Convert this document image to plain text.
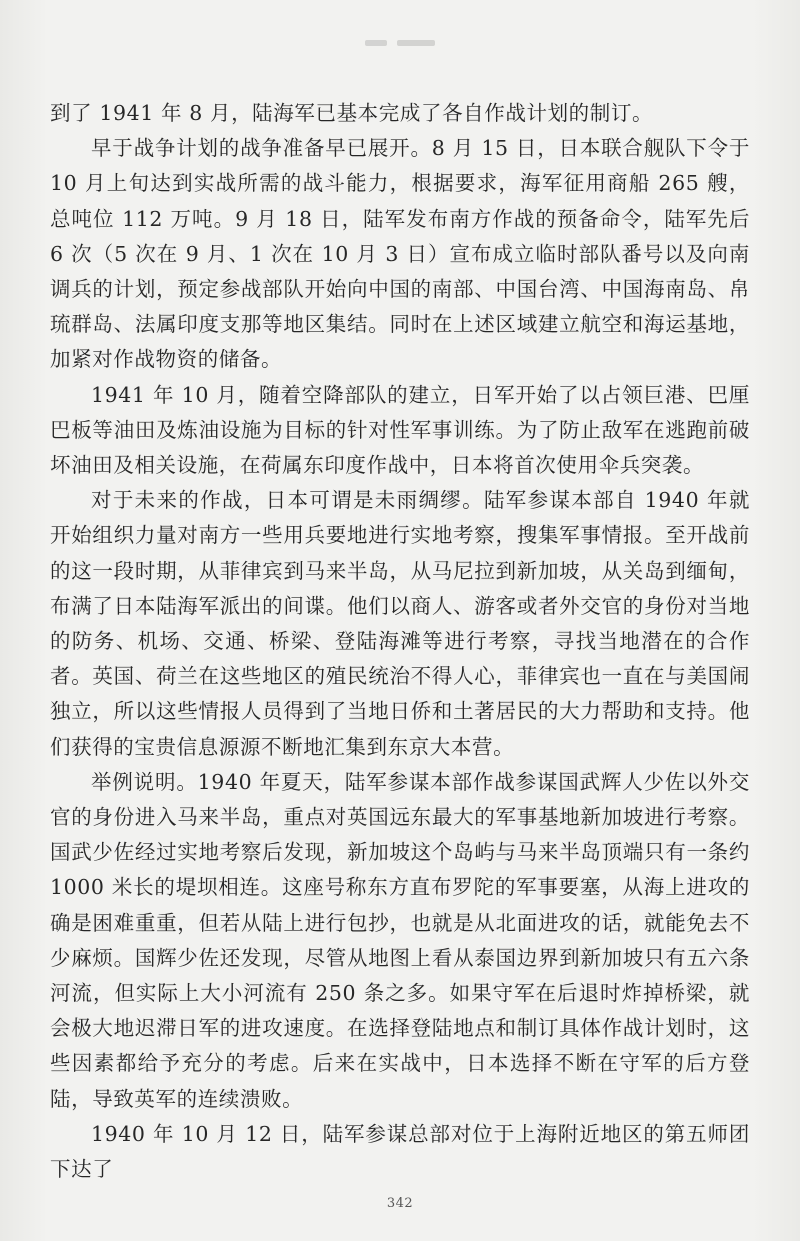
到了 1941 年 8 月，陆海军已基本完成了各自作战计划的制订。

早于战争计划的战争准备早已展开。8 月 15 日，日本联合舰队下令于 10 月上旬达到实战所需的战斗能力，根据要求，海军征用商船 265 艘，总吨位 112 万吨。9 月 18 日，陆军发布南方作战的预备命令，陆军先后 6 次（5 次在 9 月、1 次在 10 月 3 日）宣布成立临时部队番号以及向南调兵的计划，预定参战部队开始向中国的南部、中国台湾、中国海南岛、帛琉群岛、法属印度支那等地区集结。同时在上述区域建立航空和海运基地，加紧对作战物资的储备。

1941 年 10 月，随着空降部队的建立，日军开始了以占领巨港、巴厘巴板等油田及炼油设施为目标的针对性军事训练。为了防止敌军在逃跑前破坏油田及相关设施，在荷属东印度作战中，日本将首次使用伞兵突袭。

对于未来的作战，日本可谓是未雨绸缪。陆军参谋本部自 1940 年就开始组织力量对南方一些用兵要地进行实地考察，搜集军事情报。至开战前的这一段时期，从菲律宾到马来半岛，从马尼拉到新加坡，从关岛到缅甸，布满了日本陆海军派出的间谍。他们以商人、游客或者外交官的身份对当地的防务、机场、交通、桥梁、登陆海滩等进行考察，寻找当地潜在的合作者。英国、荷兰在这些地区的殖民统治不得人心，菲律宾也一直在与美国闹独立，所以这些情报人员得到了当地日侨和土著居民的大力帮助和支持。他们获得的宝贵信息源源不断地汇集到东京大本营。

举例说明。1940 年夏天，陆军参谋本部作战参谋国武辉人少佐以外交官的身份进入马来半岛，重点对英国远东最大的军事基地新加坡进行考察。国武少佐经过实地考察后发现，新加坡这个岛屿与马来半岛顶端只有一条约 1000 米长的堤坝相连。这座号称东方直布罗陀的军事要塞，从海上进攻的确是困难重重，但若从陆上进行包抄，也就是从北面进攻的话，就能免去不少麻烦。国辉少佐还发现，尽管从地图上看从泰国边界到新加坡只有五六条河流，但实际上大小河流有 250 条之多。如果守军在后退时炸掉桥梁，就会极大地迟滞日军的进攻速度。在选择登陆地点和制订具体作战计划时，这些因素都给予充分的考虑。后来在实战中，日本选择不断在守军的后方登陆，导致英军的连续溃败。

1940 年 10 月 12 日，陆军参谋总部对位于上海附近地区的第五师团下达了

342
